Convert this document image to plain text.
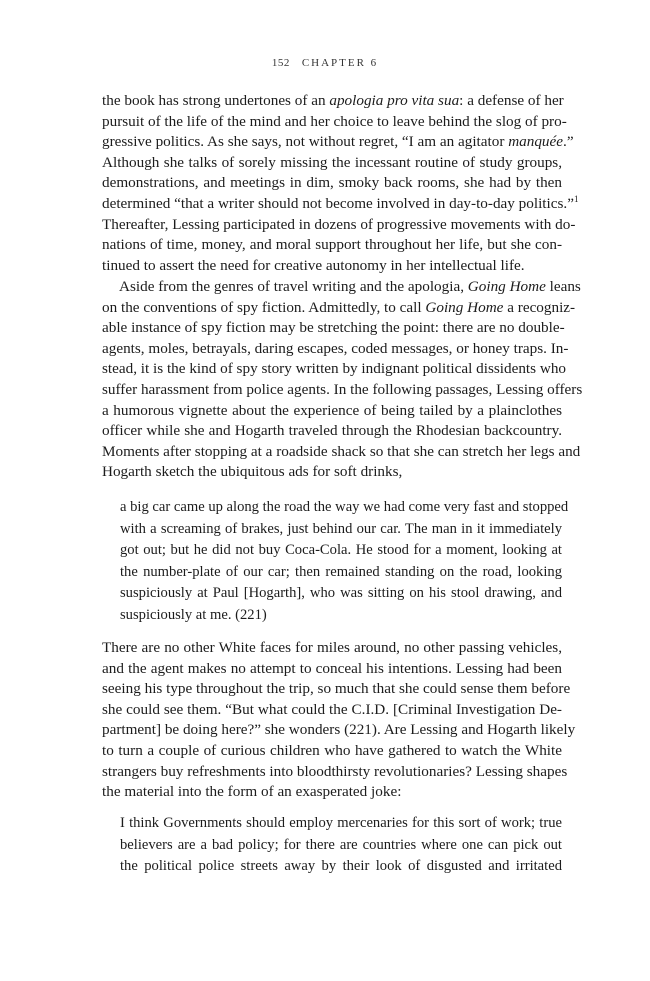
152 CHAPTER 6
the book has strong undertones of an apologia pro vita sua: a defense of her
pursuit of the life of the mind and her choice to leave behind the slog of pro-
gressive politics. As she says, not without regret, “I am an agitator manquée.”
Although she talks of sorely missing the incessant routine of study groups,
demonstrations, and meetings in dim, smoky back rooms, she had by then
determined “that a writer should not become involved in day-to-day politics.”$^1$
Thereafter, Lessing participated in dozens of progressive movements with do-
nations of time, money, and moral support throughout her life, but she con-
tinued to assert the need for creative autonomy in her intellectual life.
Aside from the genres of travel writing and the apologia, Going Home leans
on the conventions of spy fiction. Admittedly, to call Going Home a recogniz-
able instance of spy fiction may be stretching the point: there are no double-
agents, moles, betrayals, daring escapes, coded messages, or honey traps. In-
stead, it is the kind of spy story written by indignant political dissidents who
suffer harassment from police agents. In the following passages, Lessing offers
a humorous vignette about the experience of being tailed by a plainclothes
officer while she and Hogarth traveled through the Rhodesian backcountry.
Moments after stopping at a roadside shack so that she can stretch her legs and
Hogarth sketch the ubiquitous ads for soft drinks,
a big car came up along the road the way we had come very fast and stopped
with a screaming of brakes, just behind our car. The man in it immediately
got out; but he did not buy Coca-Cola. He stood for a moment, looking at
the number-plate of our car; then remained standing on the road, looking
suspiciously at Paul [Hogarth], who was sitting on his stool drawing, and
suspiciously at me. (221)
There are no other White faces for miles around, no other passing vehicles,
and the agent makes no attempt to conceal his intentions. Lessing had been
seeing his type throughout the trip, so much that she could sense them before
she could see them. “But what could the C.I.D. [Criminal Investigation De-
partment] be doing here?” she wonders (221). Are Lessing and Hogarth likely
to turn a couple of curious children who have gathered to watch the White
strangers buy refreshments into bloodthirsty revolutionaries? Lessing shapes
the material into the form of an exasperated joke:
I think Governments should employ mercenaries for this sort of work; true
believers are a bad policy; for there are countries where one can pick out
the political police streets away by their look of disgusted and irritated
